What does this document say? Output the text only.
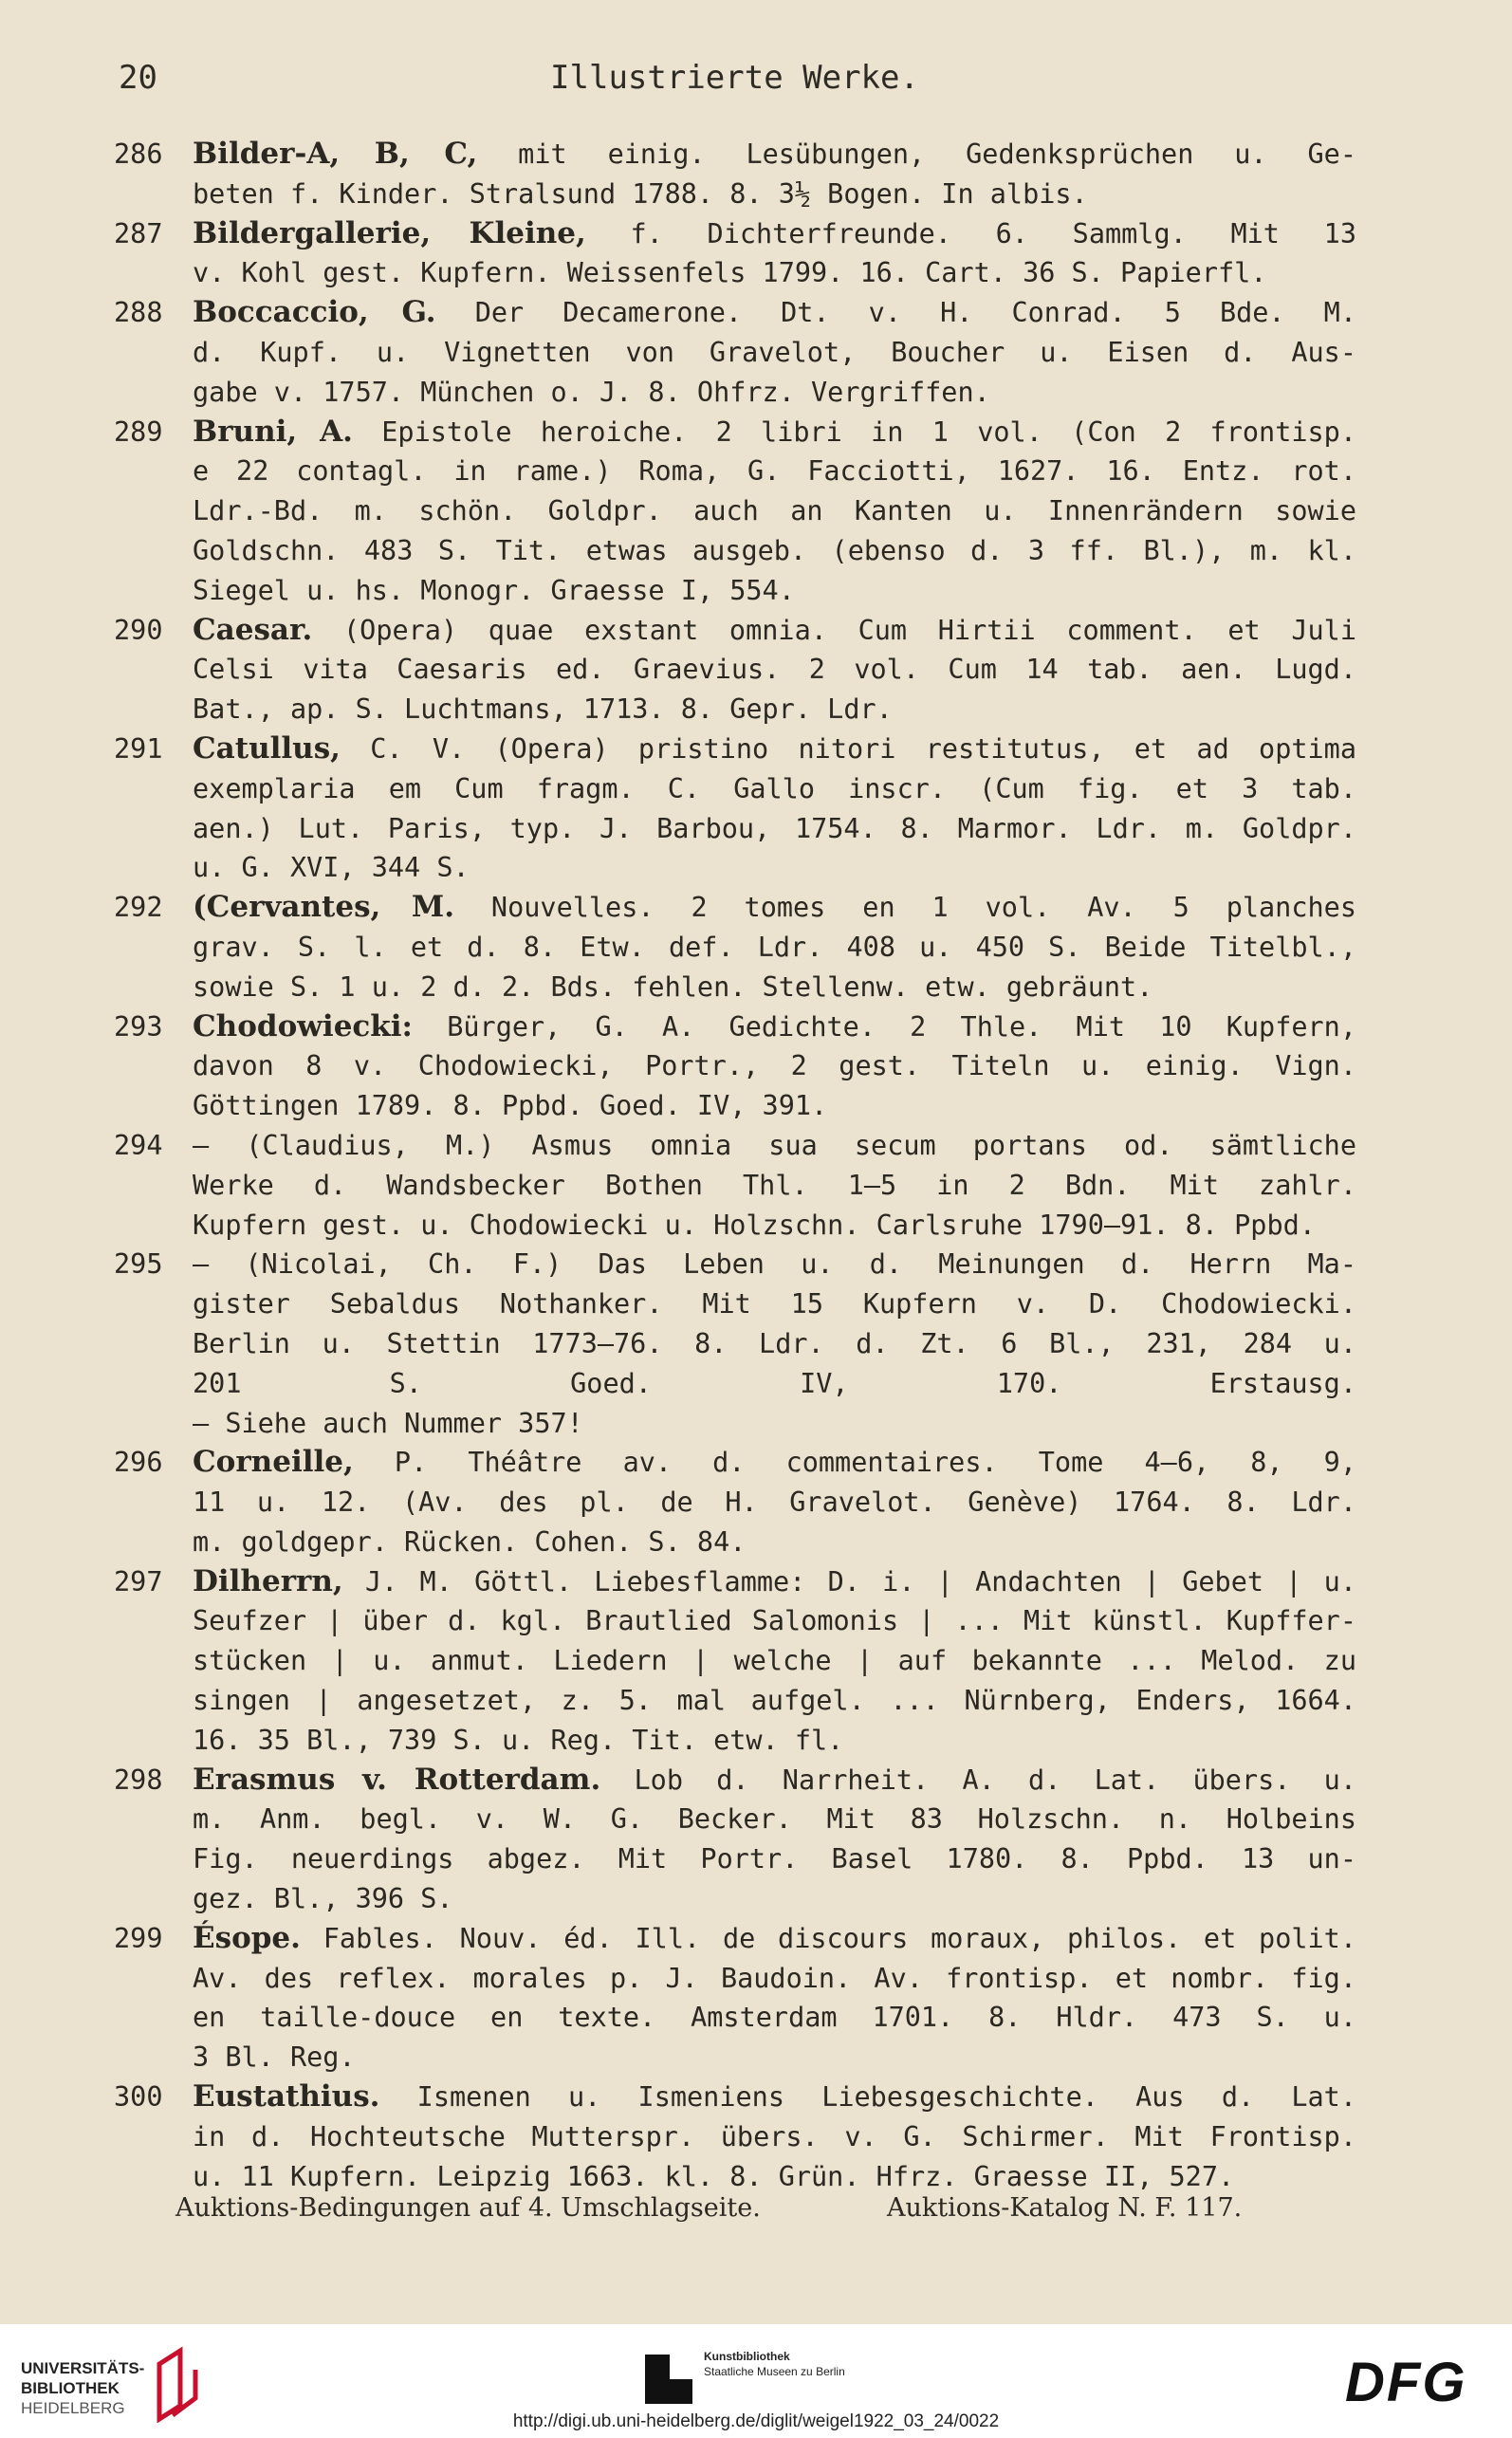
20	Illustrierte Werke.
286 Bilder-A, B, C, mit einig. Lesübungen, Gedenksprüchen u. Ge-
beten f. Kinder. Stralsund 1788. 8. 3½ Bogen. In albis.
287 Bildergallerie, Kleine, f. Dichterfreunde. 6. Sammlg. Mit 13
v. Kohl gest. Kupfern. Weissenfels 1799. 16. Cart. 36 S. Papierfl.
288 Boccaccio, G. Der Decamerone. Dt. v. H. Conrad. 5 Bde. M.
d. Kupf. u. Vignetten von Gravelot, Boucher u. Eisen d. Aus-
gabe v. 1757. München o. J. 8. Ohfrz. Vergriffen.
289 Bruni, A. Epistole heroiche. 2 libri in 1 vol. (Con 2 frontisp.
e 22 contagl. in rame.) Roma, G. Facciotti, 1627. 16. Entz. rot.
Ldr.-Bd. m. schön. Goldpr. auch an Kanten u. Innenrändern sowie
Goldschn. 483 S. Tit. etwas ausgeb. (ebenso d. 3 ff. Bl.), m. kl.
Siegel u. hs. Monogr. Graesse I, 554.
290 Caesar. (Opera) quae exstant omnia. Cum Hirtii comment. et Juli
Celsi vita Caesaris ed. Graevius. 2 vol. Cum 14 tab. aen. Lugd.
Bat., ap. S. Luchtmans, 1713. 8. Gepr. Ldr.
291 Catullus, C. V. (Opera) pristino nitori restitutus, et ad optima
exemplaria em Cum fragm. C. Gallo inscr. (Cum fig. et 3 tab.
aen.) Lut. Paris, typ. J. Barbou, 1754. 8. Marmor. Ldr. m. Goldpr.
u. G. XVI, 344 S.
292 (Cervantes, M. Nouvelles. 2 tomes en 1 vol. Av. 5 planches
grav. S. l. et d. 8. Etw. def. Ldr. 408 u. 450 S. Beide Titelbl.,
sowie S. 1 u. 2 d. 2. Bds. fehlen. Stellenw. etw. gebräunt.
293 Chodowiecki: Bürger, G. A. Gedichte. 2 Thle. Mit 10 Kupfern,
davon 8 v. Chodowiecki, Portr., 2 gest. Titeln u. einig. Vign.
Göttingen 1789. 8. Ppbd. Goed. IV, 391.
294 — (Claudius, M.) Asmus omnia sua secum portans od. sämtliche
Werke d. Wandsbecker Bothen Thl. 1—5 in 2 Bdn. Mit zahlr.
Kupfern gest. u. Chodowiecki u. Holzschn. Carlsruhe 1790—91. 8. Ppbd.
295 — (Nicolai, Ch. F.) Das Leben u. d. Meinungen d. Herrn Ma-
gister Sebaldus Nothanker. Mit 15 Kupfern v. D. Chodowiecki.
Berlin u. Stettin 1773—76. 8. Ldr. d. Zt. 6 Bl., 231, 284 u.
201 S. Goed. IV, 170. Erstausg.
— Siehe auch Nummer 357!
296 Corneille, P. Théâtre av. d. commentaires. Tome 4—6, 8, 9,
11 u. 12. (Av. des pl. de H. Gravelot. Genève) 1764. 8. Ldr.
m. goldgepr. Rücken. Cohen. S. 84.
297 Dilherrn, J. M. Göttl. Liebesflamme: D. i. | Andachten | Gebet | u.
Seufzer | über d. kgl. Brautlied Salomonis | ... Mit künstl. Kupffer-
stücken | u. anmut. Liedern | welche | auf bekannte ... Melod. zu
singen | angesetzet, z. 5. mal aufgel. ... Nürnberg, Enders, 1664.
16. 35 Bl., 739 S. u. Reg. Tit. etw. fl.
298 Erasmus v. Rotterdam. Lob d. Narrheit. A. d. Lat. übers. u.
m. Anm. begl. v. W. G. Becker. Mit 83 Holzschn. n. Holbeins
Fig. neuerdings abgez. Mit Portr. Basel 1780. 8. Ppbd. 13 un-
gez. Bl., 396 S.
299 Ésope. Fables. Nouv. éd. Ill. de discours moraux, philos. et polit.
Av. des reflex. morales p. J. Baudoin. Av. frontisp. et nombr. fig.
en taille-douce en texte. Amsterdam 1701. 8. Hldr. 473 S. u.
3 Bl. Reg.
300 Eustathius. Ismenen u. Ismeniens Liebesgeschichte. Aus d. Lat.
in d. Hochteutsche Mutterspr. übers. v. G. Schirmer. Mit Frontisp.
u. 11 Kupfern. Leipzig 1663. kl. 8. Grün. Hfrz. Graesse II, 527.
Auktions-Bedingungen auf 4. Umschlagseite.	Auktions-Katalog N. F. 117.
UNIVERSITÄTS-
BIBLIOTHEK
HEIDELBERG
Kunstbibliothek
Staatliche Museen zu Berlin	DFG
http://digi.ub.uni-heidelberg.de/diglit/weigel1922_03_24/0022
